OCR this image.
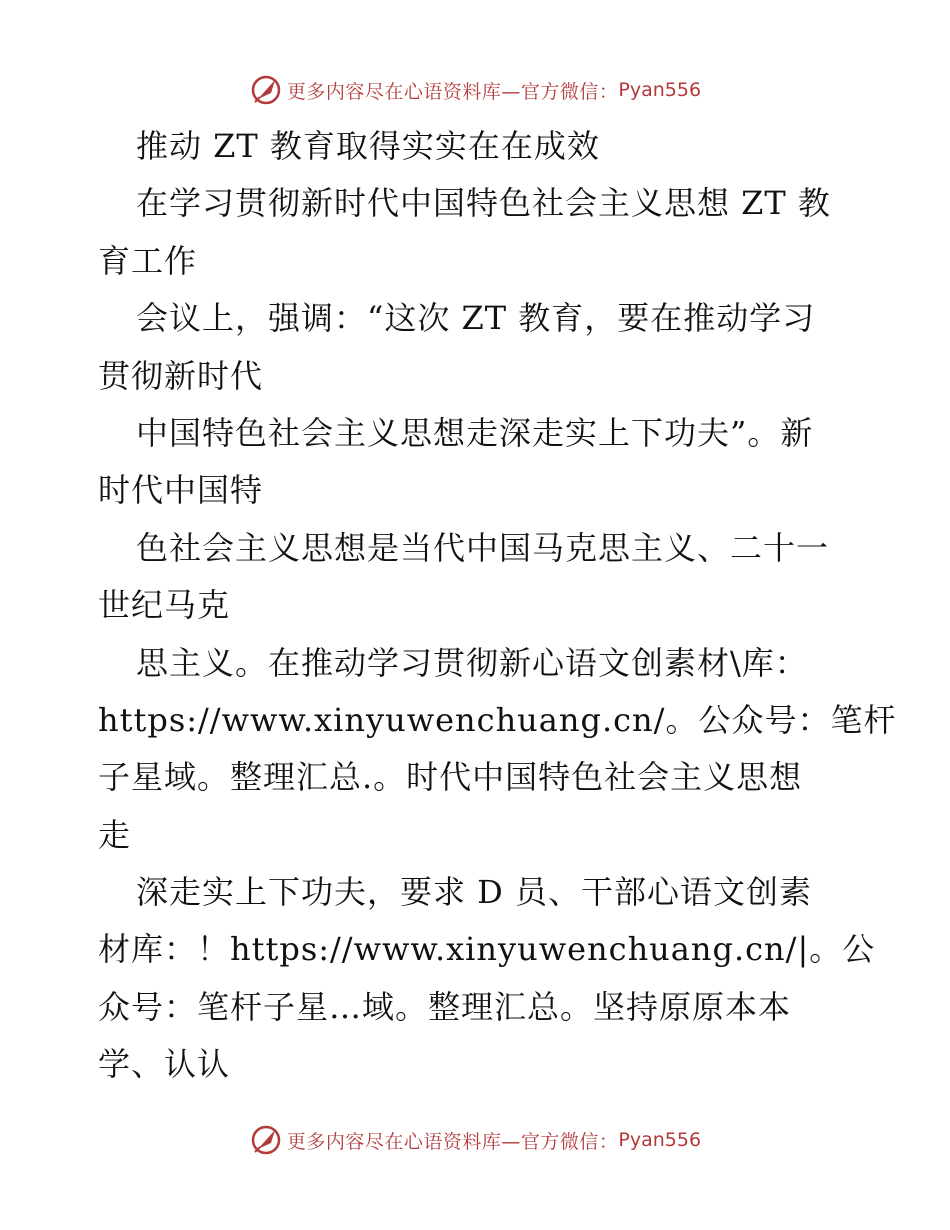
更多内容尽在心语资料库—官方微信： Pyan556
推动 ZT 教育取得实实在在成效
在学习贯彻新时代中国特色社会主义思想 ZT 教
育工作
会议上，强调：“这次 ZT 教育，要在推动学习
贯彻新时代
中国特色社会主义思想走深走实上下功夫”。新
时代中国特
色社会主义思想是当代中国马克思主义、二十一
世纪马克
思主义。在推动学习贯彻新心语文创素材\库：
https://www.xinyuwenchuang.cn/。公众号：笔杆
子星域。整理汇总.。时代中国特色社会主义思想
走
深走实上下功夫，要求 D 员、干部心语文创素
材库：！https://www.xinyuwenchuang.cn/|。公
众号：笔杆子星…域。整理汇总。坚持原原本本
学、认认
更多内容尽在心语资料库—官方微信： Pyan556
